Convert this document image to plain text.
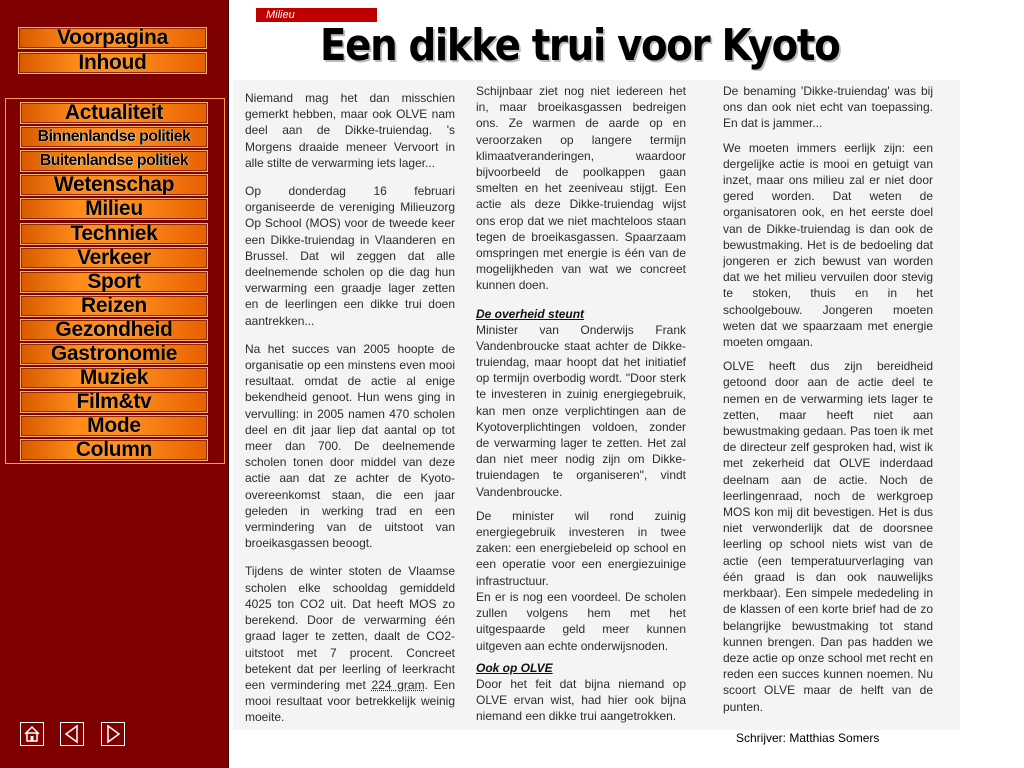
Voorpagina
Inhoud
Actualiteit
Binnenlandse politiek
Buitenlandse politiek
Wetenschap
Milieu
Techniek
Verkeer
Sport
Reizen
Gezondheid
Gastronomie
Muziek
Film&tv
Mode
Column
Milieu
Een dikke trui voor Kyoto

Niemand mag het dan misschien gemerkt hebben, maar ook OLVE nam deel aan de Dikke-truiendag. 's Morgens draaide meneer Vervoort in alle stilte de verwarming iets lager...

Op donderdag 16 februari organiseerde de vereniging Milieuzorg Op School (MOS) voor de tweede keer een Dikke-truiendag in Vlaanderen en Brussel. Dat wil zeggen dat alle deelnemende scholen op die dag hun verwarming een graadje lager zetten en de leerlingen een dikke trui doen aantrekken...

Na het succes van 2005 hoopte de organisatie op een minstens even mooi resultaat. omdat de actie al enige bekendheid genoot. Hun wens ging in vervulling: in 2005 namen 470 scholen deel en dit jaar liep dat aantal op tot meer dan 700. De deelnemende scholen tonen door middel van deze actie aan dat ze achter de Kyoto-overeenkomst staan, die een jaar geleden in werking trad en een vermindering van de uitstoot van broeikasgassen beoogt.

Tijdens de winter stoten de Vlaamse scholen elke schooldag gemiddeld 4025 ton CO2 uit. Dat heeft MOS zo berekend. Door de verwarming één graad lager te zetten, daalt de CO2-uitstoot met 7 procent. Concreet betekent dat per leerling of leerkracht een vermindering met 224 gram. Een mooi resultaat voor betrekkelijk weinig moeite.

Schijnbaar ziet nog niet iedereen het in, maar broeikasgassen bedreigen ons. Ze warmen de aarde op en veroorzaken op langere termijn klimaatveranderingen, waardoor bijvoorbeeld de poolkappen gaan smelten en het zeeniveau stijgt. Een actie als deze Dikke-truiendag wijst ons erop dat we niet machteloos staan tegen de broeikasgassen. Spaarzaam omspringen met energie is één van de mogelijkheden van wat we concreet kunnen doen.

De overheid steunt

Minister van Onderwijs Frank Vandenbroucke staat achter de Dikke-truiendag, maar hoopt dat het initiatief op termijn overbodig wordt. "Door sterk te investeren in zuinig energiegebruik, kan men onze verplichtingen aan de Kyotoverplichtingen voldoen, zonder de verwarming lager te zetten. Het zal dan niet meer nodig zijn om Dikke-truiendagen te organiseren", vindt Vandenbroucke.

De minister wil rond zuinig energiegebruik investeren in twee zaken: een energiebeleid op school en een operatie voor een energiezuinige infrastructuur.

En er is nog een voordeel. De scholen zullen volgens hem met het uitgespaarde geld meer kunnen uitgeven aan echte onderwijsnoden.

Ook op OLVE

Door het feit dat bijna niemand op OLVE ervan wist, had hier ook bijna niemand een dikke trui aangetrokken.

De benaming 'Dikke-truiendag' was bij ons dan ook niet echt van toepassing. En dat is jammer...

We moeten immers eerlijk zijn: een dergelijke actie is mooi en getuigt van inzet, maar ons milieu zal er niet door gered worden. Dat weten de organisatoren ook, en het eerste doel van de Dikke-truiendag is dan ook de bewustmaking. Het is de bedoeling dat jongeren er zich bewust van worden dat we het milieu vervuilen door stevig te stoken, thuis en in het schoolgebouw. Jongeren moeten weten dat we spaarzaam met energie moeten omgaan.

OLVE heeft dus zijn bereidheid getoond door aan de actie deel te nemen en de verwarming iets lager te zetten, maar heeft niet aan bewustmaking gedaan. Pas toen ik met de directeur zelf gesproken had, wist ik met zekerheid dat OLVE inderdaad deelnam aan de actie. Noch de leerlingenraad, noch de werkgroep MOS kon mij dit bevestigen. Het is dus niet verwonderlijk dat de doorsnee leerling op school niets wist van de actie (een temperatuurverlaging van één graad is dan ook nauwelijks merkbaar). Een simpele mededeling in de klassen of een korte brief had de zo belangrijke bewustmaking tot stand kunnen brengen. Dan pas hadden we deze actie op onze school met recht en reden een succes kunnen noemen. Nu scoort OLVE maar de helft van de punten.

Schrijver: Matthias Somers
